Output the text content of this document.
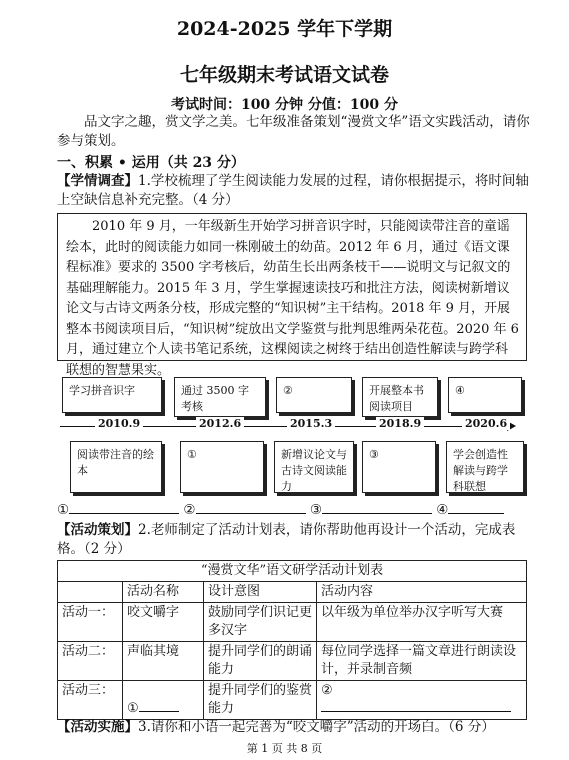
2024-2025 学年下学期
七年级期末考试语文试卷
考试时间：100 分钟 分值：100 分
品文字之趣，赏文学之美。七年级准备策划“漫赏文华”语文实践活动，请你参与策划。
一、积累 • 运用（共 23 分）
【学情调查】1.学校梳理了学生阅读能力发展的过程，请你根据提示，将时间轴上空缺信息补充完整。（4 分）
2010 年 9 月，一年级新生开始学习拼音识字时，只能阅读带注音的童谣绘本，此时的阅读能力如同一株刚破土的幼苗。2012 年 6 月，通过《语文课程标准》要求的 3500 字考核后，幼苗生长出两条枝干——说明文与记叙文的基础理解能力。2015 年 3 月，学生掌握速读技巧和批注方法，阅读树新增议论文与古诗文两条分枝，形成完整的“知识树”主干结构。2018 年 9 月，开展整本书阅读项目后，“知识树”绽放出文学鉴赏与批判思维两朵花苞。2020 年 6 月，通过建立个人读书笔记系统，这棵阅读之树终于结出创造性解读与跨学科联想的智慧果实。
学习拼音识字	通过 3500 字考核
②	开展整本书阅读项目
④
2010.9	2012.6	2015.3	2018.9	2020.6
阅读带注音的绘本
①	新增议论文与古诗文阅读能力
③	学会创造性解读与跨学科联想
①	②	③	④
【活动策划】2.老师制定了活动计划表，请你帮助他再设计一个活动，完成表格。（2 分）
“漫赏文华”语文研学活动计划表			
	活动名称	设计意图	活动内容
活动一：	咬文嚼字	鼓励同学们识记更多汉字	以年级为单位举办汉字听写大赛
活动二：	声临其境	提升同学们的朗诵能力	每位同学选择一篇文章进行朗读设计，并录制音频
活动三：	①	提升同学们的鉴赏能力	②
【活动实施】3.请你和小语一起完善为“咬文嚼字”活动的开场白。（6 分）
第 1 页 共 8 页
